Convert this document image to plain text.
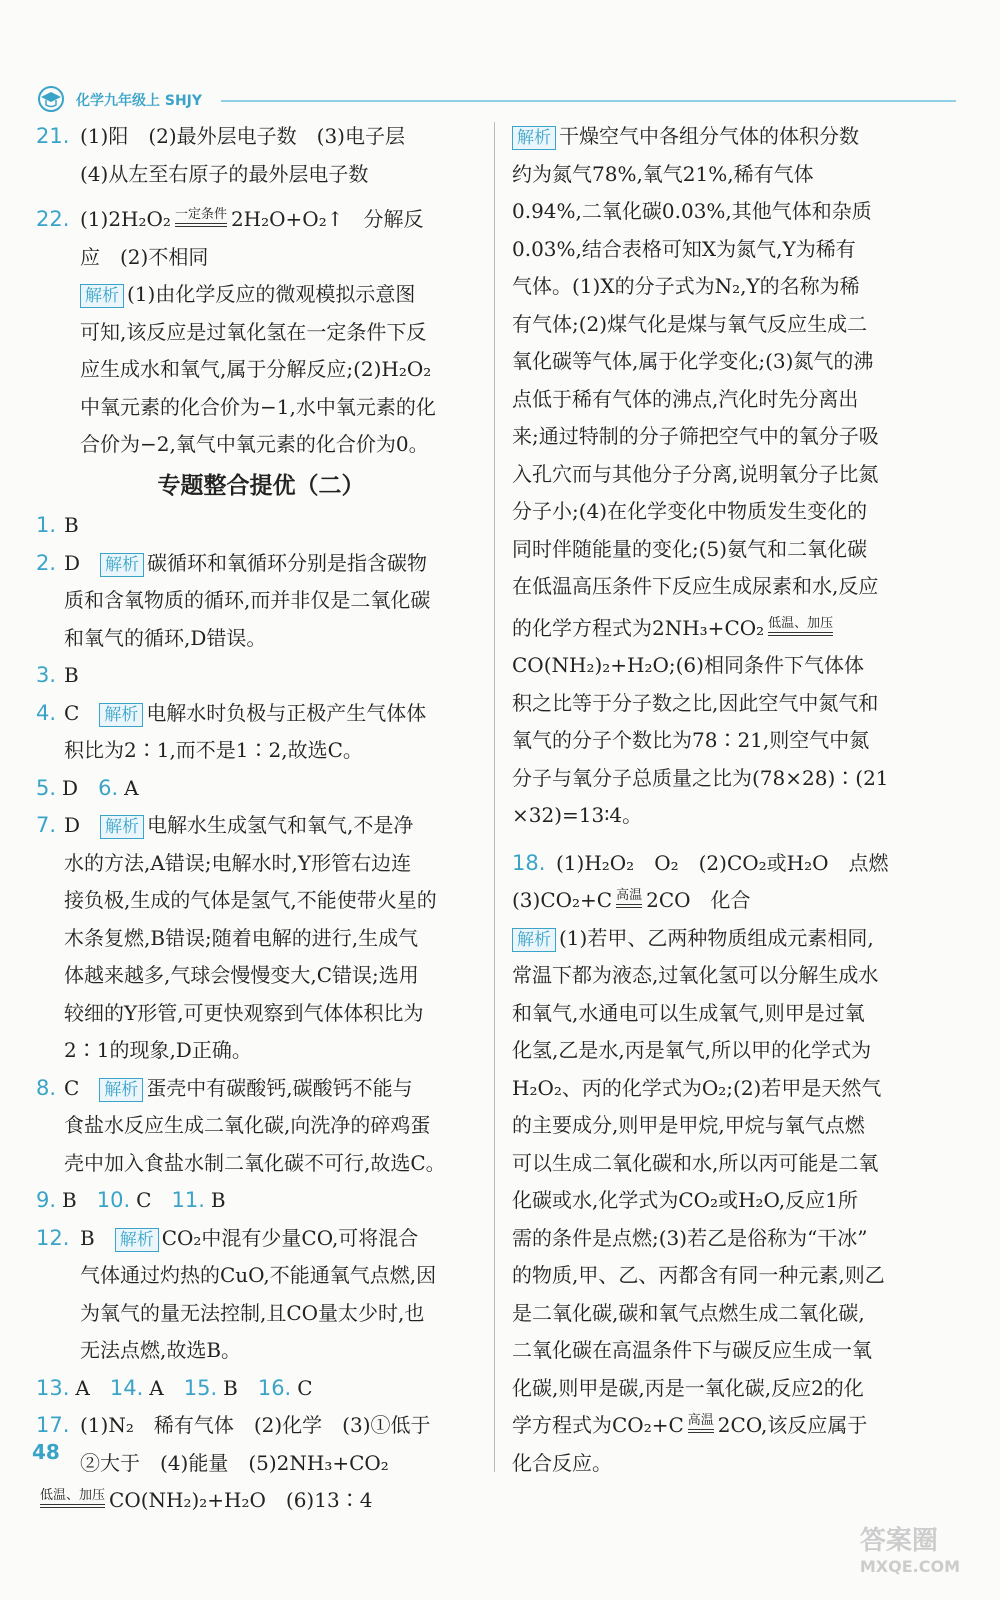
化学九年级上 SHJY
21. (1)阳　(2)最外层电子数　(3)电子层
(4)从左至右原子的最外层电子数
22. (1)2H₂O₂ 一定条件 2H₂O+O₂↑　分解反
应　(2)不相同
解析 (1)由化学反应的微观模拟示意图
可知,该反应是过氧化氢在一定条件下反
应生成水和氧气,属于分解反应;(2)H₂O₂
中氧元素的化合价为−1,水中氧元素的化
合价为−2,氧气中氧元素的化合价为0。
专题整合提优（二）
1. B
2. D　 解析 碳循环和氧循环分别是指含碳物
质和含氧物质的循环,而并非仅是二氧化碳
和氧气的循环,D错误。
3. B
4. C　 解析 电解水时负极与正极产生气体体
积比为2∶1,而不是1∶2,故选C。
5. D　 6. A
7. D　 解析 电解水生成氢气和氧气,不是净
水的方法,A错误;电解水时,Y形管右边连
接负极,生成的气体是氢气,不能使带火星的
木条复燃,B错误;随着电解的进行,生成气
体越来越多,气球会慢慢变大,C错误;选用
较细的Y形管,可更快观察到气体体积比为
2∶1的现象,D正确。
8. C　 解析 蛋壳中有碳酸钙,碳酸钙不能与
食盐水反应生成二氧化碳,向洗净的碎鸡蛋
壳中加入食盐水制二氧化碳不可行,故选C。
9. B　 10. C　 11. B
12. B　 解析 CO₂中混有少量CO,可将混合
气体通过灼热的CuO,不能通氧气点燃,因
为氧气的量无法控制,且CO量太少时,也
无法点燃,故选B。
13. A　 14. A　 15. B　 16. C
17. (1)N₂　稀有气体　(2)化学　(3)①低于
②大于　(4)能量　(5)2NH₃+CO₂
低温、加压 CO(NH₂)₂+H₂O　(6)13∶4
解析 干燥空气中各组分气体的体积分数
约为氮气78%,氧气21%,稀有气体
0.94%,二氧化碳0.03%,其他气体和杂质
0.03%,结合表格可知X为氮气,Y为稀有
气体。(1)X的分子式为N₂,Y的名称为稀
有气体;(2)煤气化是煤与氧气反应生成二
氧化碳等气体,属于化学变化;(3)氮气的沸
点低于稀有气体的沸点,汽化时先分离出
来;通过特制的分子筛把空气中的氧分子吸
入孔穴而与其他分子分离,说明氧分子比氮
分子小;(4)在化学变化中物质发生变化的
同时伴随能量的变化;(5)氨气和二氧化碳
在低温高压条件下反应生成尿素和水,反应
的化学方程式为2NH₃+CO₂ 低温、加压
CO(NH₂)₂+H₂O;(6)相同条件下气体体
积之比等于分子数之比,因此空气中氮气和
氧气的分子个数比为78∶21,则空气中氮
分子与氧分子总质量之比为(78×28)∶(21
×32)=13∶4。
18. (1)H₂O₂　O₂　(2)CO₂或H₂O　点燃
(3)CO₂+C 高温 2CO　化合
解析 (1)若甲、乙两种物质组成元素相同,
常温下都为液态,过氧化氢可以分解生成水
和氧气,水通电可以生成氧气,则甲是过氧
化氢,乙是水,丙是氧气,所以甲的化学式为
H₂O₂、丙的化学式为O₂;(2)若甲是天然气
的主要成分,则甲是甲烷,甲烷与氧气点燃
可以生成二氧化碳和水,所以丙可能是二氧
化碳或水,化学式为CO₂或H₂O,反应1所
需的条件是点燃;(3)若乙是俗称为“干冰”
的物质,甲、乙、丙都含有同一种元素,则乙
是二氧化碳,碳和氧气点燃生成二氧化碳,
二氧化碳在高温条件下与碳反应生成一氧
化碳,则甲是碳,丙是一氧化碳,反应2的化
学方程式为CO₂+C 高温 2CO,该反应属于
化合反应。
48
答案圈
MXQE.COM
